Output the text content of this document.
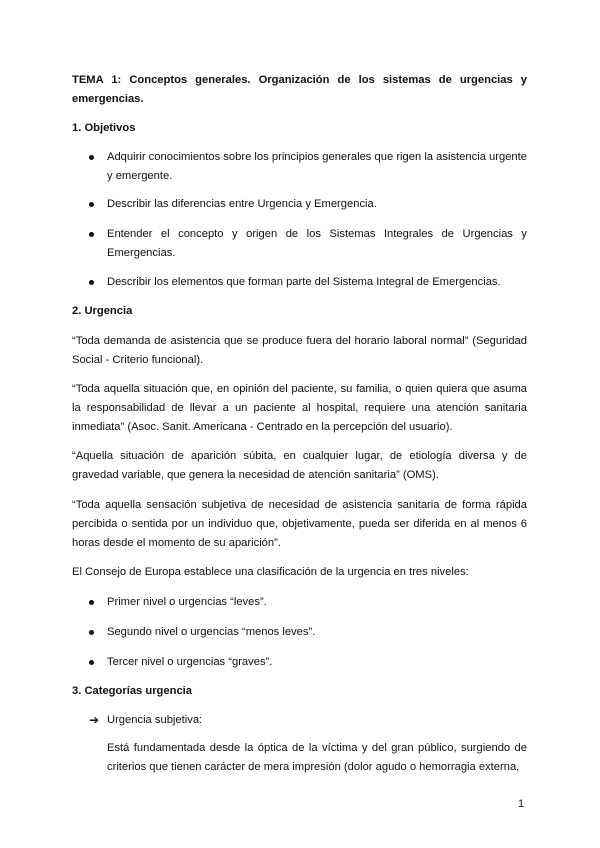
TEMA 1: Conceptos generales. Organización de los sistemas de urgencias y emergencias.
1. Objetivos
Adquirir conocimientos sobre los principios generales que rigen la asistencia urgente y emergente.
Describir las diferencias entre Urgencia y Emergencia.
Entender el concepto y origen de los Sistemas Integrales de Urgencias y Emergencias.
Describir los elementos que forman parte del Sistema Integral de Emergencias.
2. Urgencia
“Toda demanda de asistencia que se produce fuera del horario laboral normal” (Seguridad Social - Criterio funcional).
“Toda aquella situación que, en opinión del paciente, su familia, o quien quiera que asuma la responsabilidad de llevar a un paciente al hospital, requiere una atención sanitaria inmediata” (Asoc. Sanit. Americana - Centrado en la percepción del usuario).
“Aquella situación de aparición súbita, en cualquier lugar, de etiología diversa y de gravedad variable, que genera la necesidad de atención sanitaria” (OMS).
“Toda aquella sensación subjetiva de necesidad de asistencia sanitaria de forma rápida percibida o sentida por un individuo que, objetivamente, pueda ser diferida en al menos 6 horas desde el momento de su aparición”.
El Consejo de Europa establece una clasificación de la urgencia en tres niveles:
Primer nivel o urgencias “leves”.
Segundo nivel o urgencias “menos leves”.
Tercer nivel o urgencias “graves”.
3. Categorías urgencia
➔ Urgencia subjetiva:
Está fundamentada desde la óptica de la víctima y del gran público, surgiendo de criterios que tienen carácter de mera impresión (dolor agudo o hemorragia externa,
1
